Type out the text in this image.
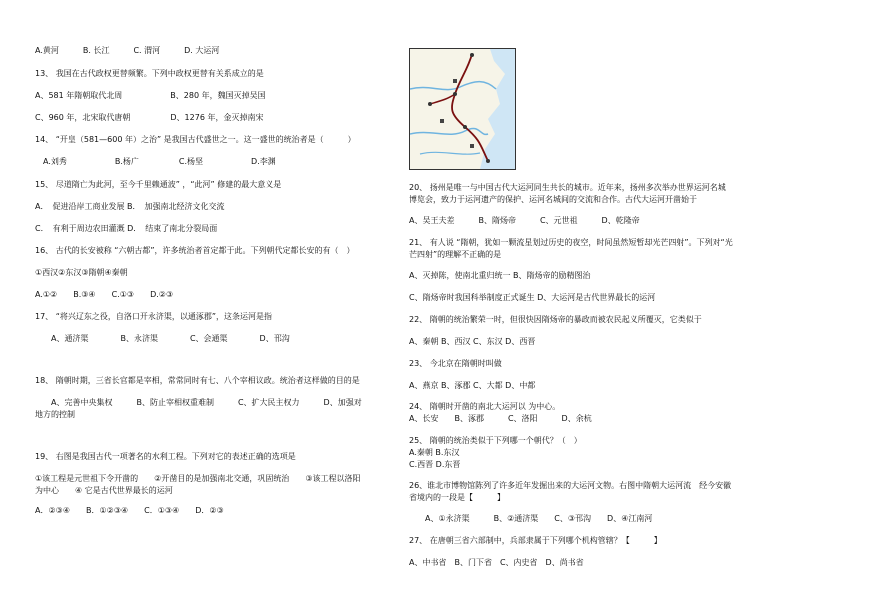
A.黄河　　　B. 长江　　　C. 渭河　　　D. 大运河
13、 我国在古代政权更替频繁。下列中政权更替有关系成立的是
A、581 年隋朝取代北周　　　　　　B、280 年，魏国灭掉吴国
C、960 年，北宋取代唐朝　　　　　D、1276 年，金灭掉南宋
14、 “开皇（581—600 年）之治” 是我国古代盛世之一。这一盛世的统治者是（　　　）
　A.刘秀　　　　　　B.杨广　　　　　C.杨坚　　　　　　D.李渊
15、 尽道隋亡为此河，至今千里赖通波” ，“此河” 修建的最大意义是
A．　促进沿岸工商业发展 B．　加强南北经济文化交流
C．　有利于周边农田灌溉 D．　结束了南北分裂局面
16、 古代的长安被称 “六朝古都”，许多统治者首定都于此。下列朝代定都长安的有（　）
①西汉②东汉③隋朝④秦朝
A.①②　　B.③④　　C.①③　　D.②③
17、 “将兴辽东之役，自洛口开永济渠，以通涿郡”，这条运河是指
　　A、通济渠　　　　B、永济渠　　　　C、会通渠　　　　D、邗沟
18、 隋朝时期，三省长官都是宰相，常常同时有七、八个宰相议政。统治者这样做的目的是
　　A、完善中央集权　　　B、防止宰相权重难制　　　C、扩大民主权力　　　D、加强对
地方的控制
19、 右图是我国古代一项著名的水利工程。下列对它的表述正确的选项是
①该工程是元世祖下令开凿的　　②开凿目的是加强南北交通，巩固统治　　③该工程以洛阳
为中心　　④ 它是古代世界最长的运河
A．②③④　　B．①②③④　　C．①③④　　D．②③
20、 扬州是唯一与中国古代大运河同生共长的城市。近年来，扬州多次举办世界运河名城
博览会，致力于运河遗产的保护、运河名城间的交流和合作。古代大运河开凿始于
A、吴王夫差　　　B、隋炀帝　　　C、元世祖　　　D、乾隆帝
21、 有人说 “隋朝，犹如一颗流星划过历史的夜空，时间虽然短暂却光芒四射”。下列对“光
芒四射”的理解不正确的是
A、灭掉陈，使南北重归统一 B、隋炀帝的励精图治
C、隋炀帝时我国科举制度正式诞生 D、大运河是古代世界最长的运河
22、 隋朝的统治繁荣一时，但很快因隋炀帝的暴政而被农民起义所覆灭，它类似于
A、秦朝 B、西汉 C、东汉 D、西晋
23、 今北京在隋朝时叫做
A、燕京 B、涿郡 C、大都 D、中都
24、 隋朝时开凿的南北大运河以 为中心。
A、长安　　B、涿郡　　　C、洛阳　　　D、余杭
25、 隋朝的统治类似于下列哪一个朝代？（　）
A.秦朝 B.东汉
C.西晋 D.东晋
26、谁北市博物馆陈列了许多近年发掘出来的大运河文物。右图中隋朝大运河流　经今安徽
省境内的一段是【　　　】
　　A、①永济渠　　　B、②通济渠　　C、③邗沟　　D、④江南河
27、 在唐朝三省六部制中，兵部隶属于下列哪个机构管辖？【　　　】
A、中书省　B、门下省　C、内史省　D、尚书省
